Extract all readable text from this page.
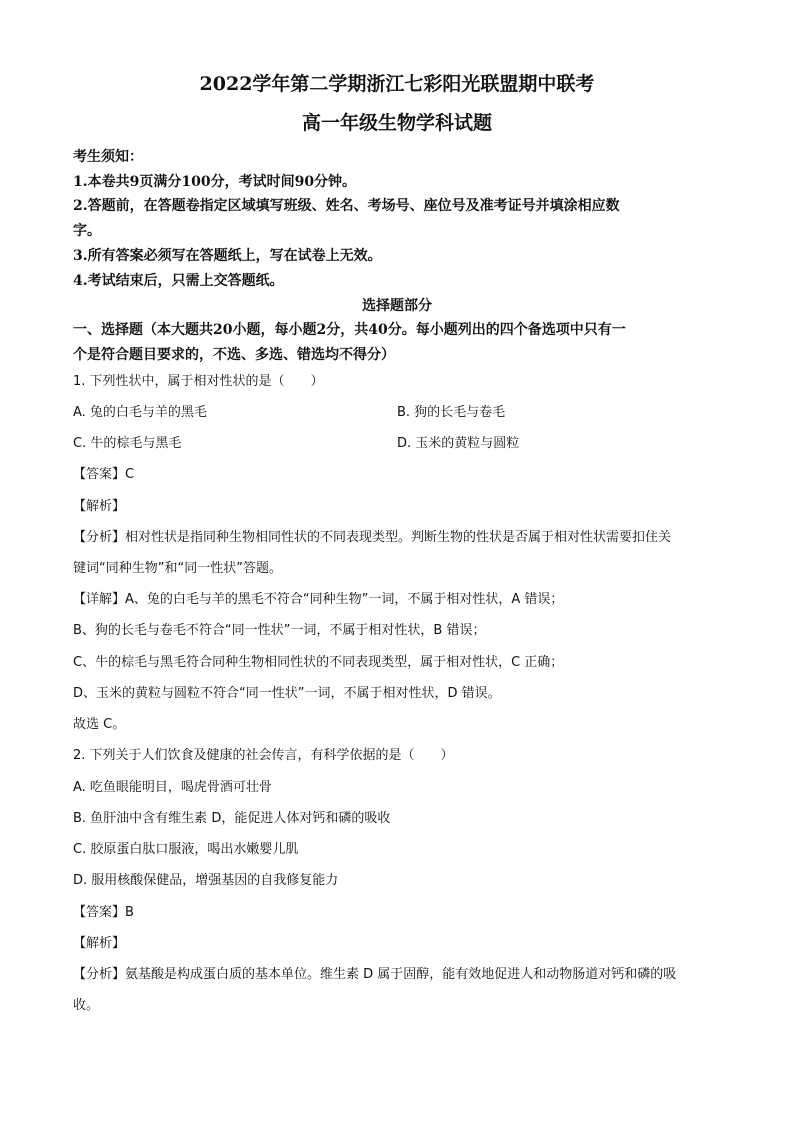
2022学年第二学期浙江七彩阳光联盟期中联考
高一年级生物学科试题
考生须知：
1.本卷共9页满分100分，考试时间90分钟。
2.答题前，在答题卷指定区域填写班级、姓名、考场号、座位号及准考证号并填涂相应数
字。
3.所有答案必须写在答题纸上，写在试卷上无效。
4.考试结束后，只需上交答题纸。
选择题部分
一、选择题（本大题共20小题，每小题2分，共40分。每小题列出的四个备选项中只有一
个是符合题目要求的，不选、多选、错选均不得分）
1. 下列性状中，属于相对性状的是（　　）
A. 兔的白毛与羊的黑毛	B. 狗的长毛与卷毛
C. 牛的棕毛与黑毛	D. 玉米的黄粒与圆粒
【答案】C
【解析】
【分析】相对性状是指同种生物相同性状的不同表现类型。判断生物的性状是否属于相对性状需要扣住关
键词“同种生物”和“同一性状”答题。
【详解】A、兔的白毛与羊的黑毛不符合“同种生物”一词，不属于相对性状，A 错误；
B、狗的长毛与卷毛不符合“同一性状”一词，不属于相对性状，B 错误；
C、牛的棕毛与黑毛符合同种生物相同性状的不同表现类型，属于相对性状，C 正确；
D、玉米的黄粒与圆粒不符合“同一性状”一词，不属于相对性状，D 错误。
故选 C。
2. 下列关于人们饮食及健康的社会传言，有科学依据的是（　　）
A. 吃鱼眼能明目，喝虎骨酒可壮骨
B. 鱼肝油中含有维生素 D，能促进人体对钙和磷的吸收
C. 胶原蛋白肽口服液，喝出水嫩婴儿肌
D. 服用核酸保健品，增强基因的自我修复能力
【答案】B
【解析】
【分析】氨基酸是构成蛋白质的基本单位。维生素 D 属于固醇，能有效地促进人和动物肠道对钙和磷的吸
收。
